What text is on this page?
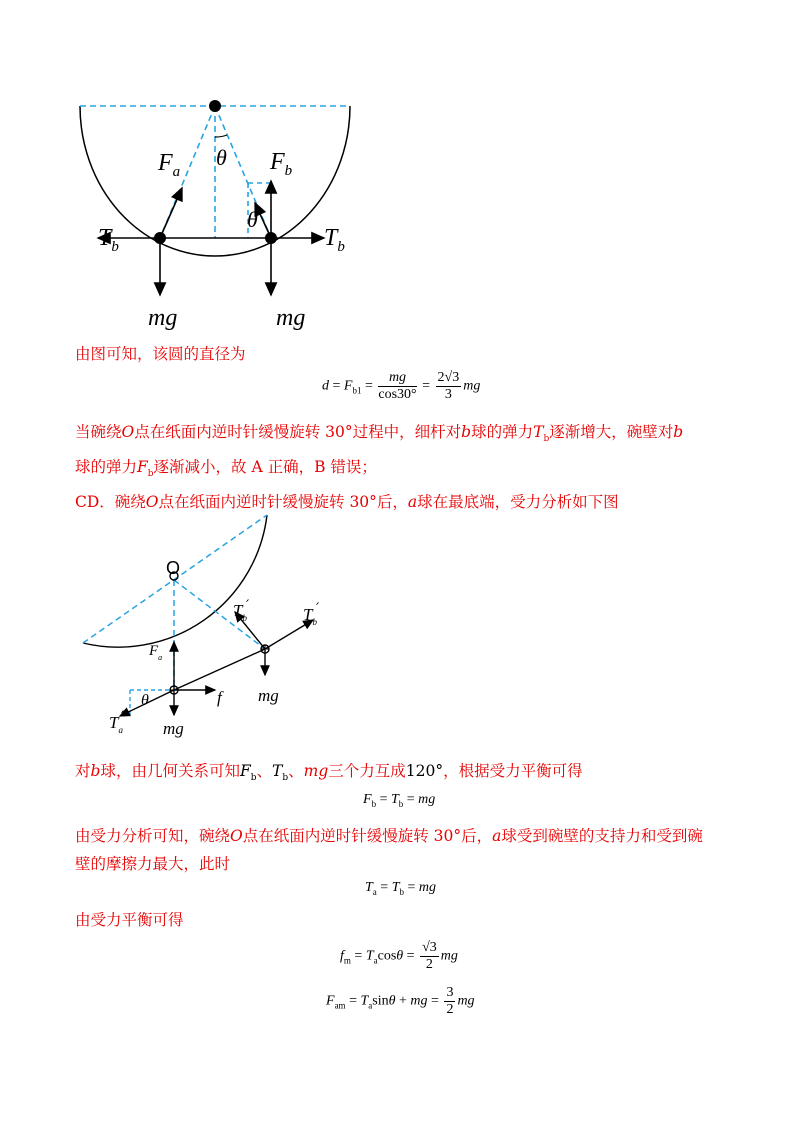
$F_a$	$F_b$
θ
θ
$T_b$	$T_b$
mg	mg
由图可知，该圆的直径为
$d = F_{b1} = \frac{mg}{\cos 30^\circ} = \frac{2√3}{3}$ mg
当碗绕O点在纸面内逆时针缓慢旋转 30°过程中，细杆对b球的弹力$T_b$逐渐增大，碗壁对b
球的弹力$F_b$逐渐减小，故 A 正确，B 错误；
CD．碗绕O点在纸面内逆时针缓慢旋转 30°后，a球在最底端，受力分析如下图
O
$T_b$
′	$T_b$
′
$F_a$
θ	f
$T_a$
′
mg
mg
对b球，由几何关系可知$F_b$、$T_b$、mg三个力互成120°，根据受力平衡可得
$F_b = T_b$ = mg
由受力分析可知，碗绕O点在纸面内逆时针缓慢旋转 30°后，a球受到碗壁的支持力和受到碗
壁的摩擦力最大，此时
$T_a = T_b$ = mg
由受力平衡可得
$f_m = T_a\cos\theta = \frac{√3}{2}$ mg
$F_{am} = T_a\sin\theta$ + mg = $\frac{3}{2}$ mg
